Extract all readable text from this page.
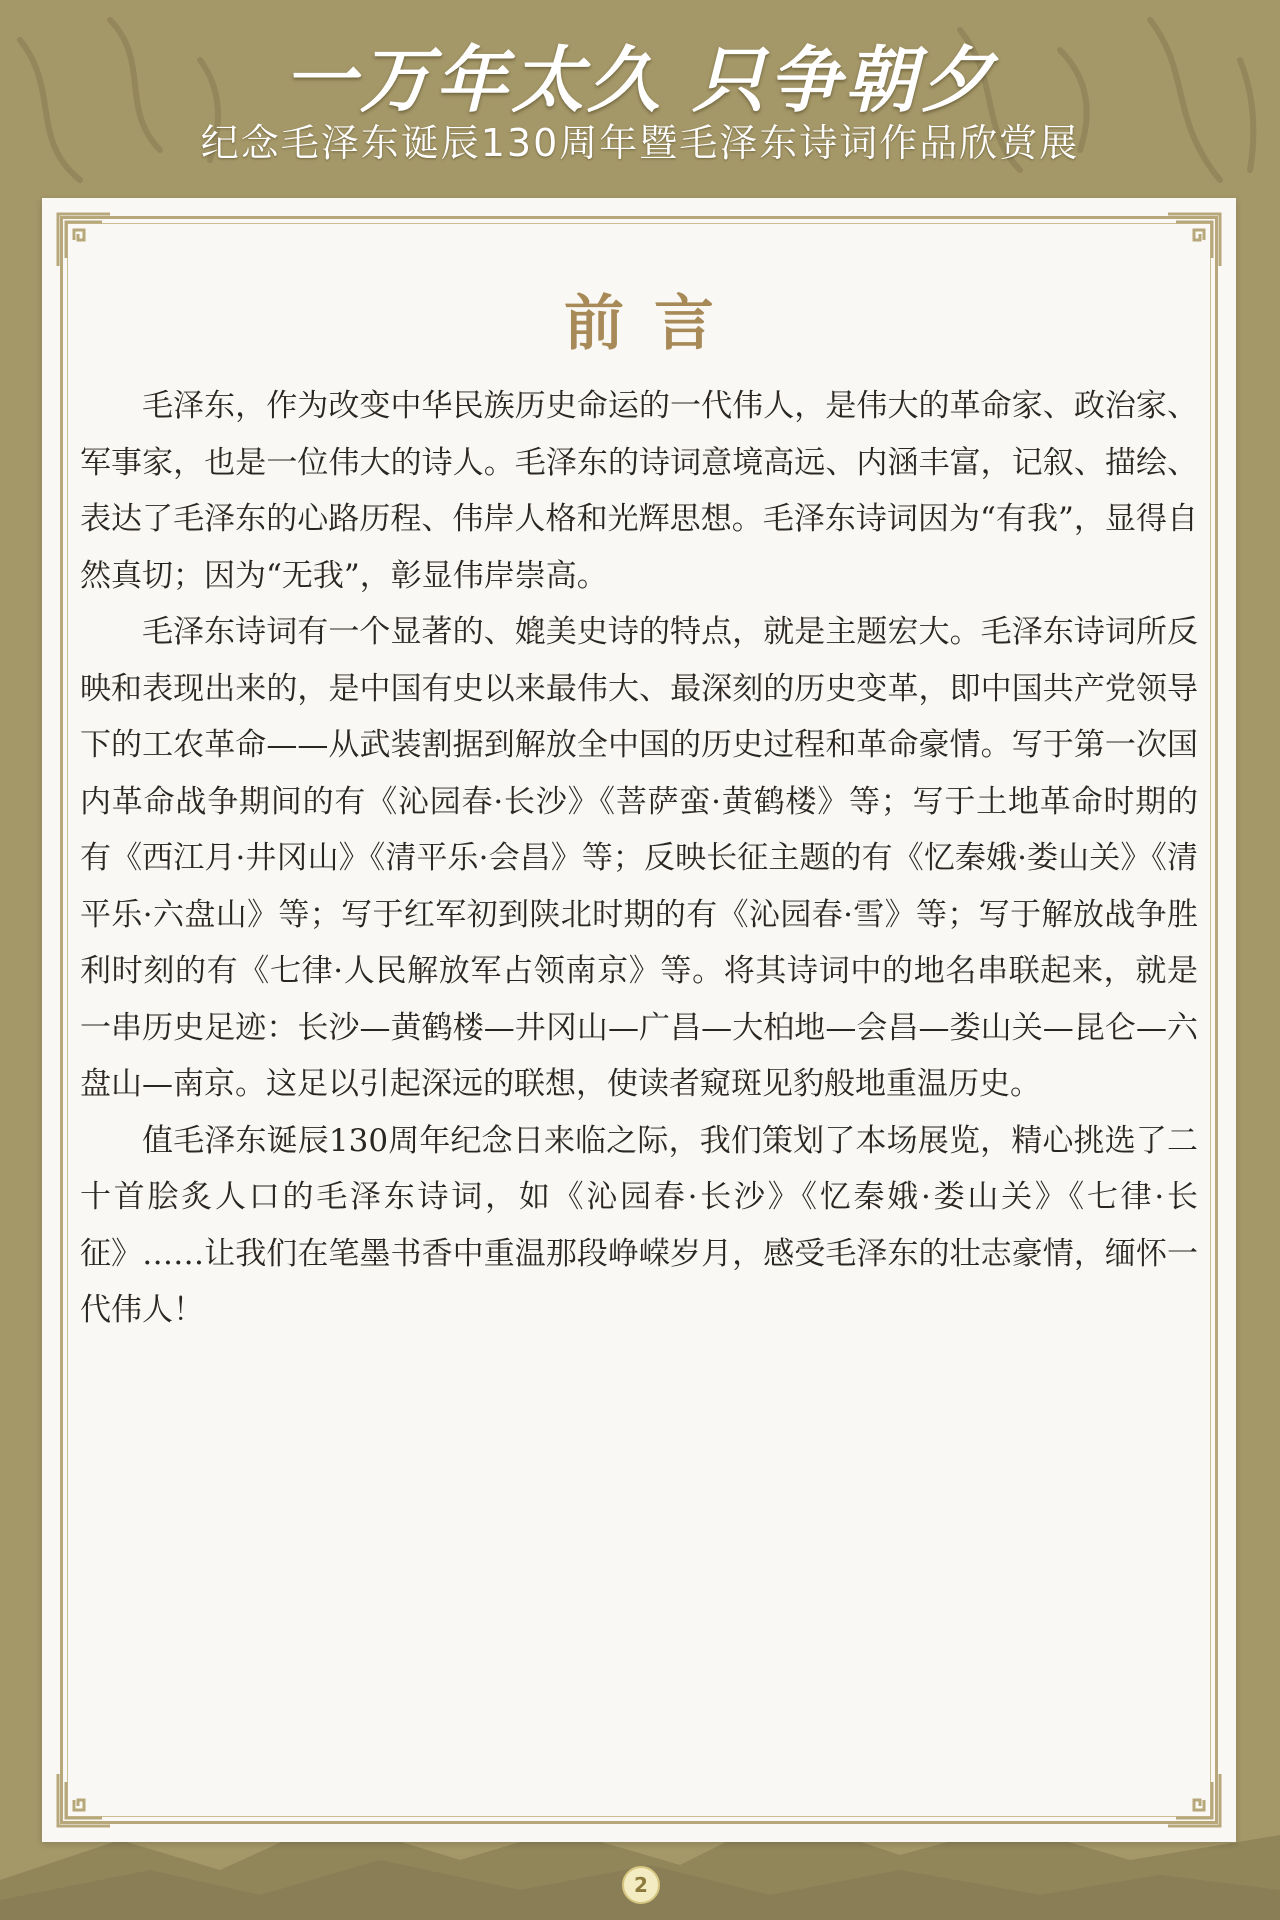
一万年太久 只争朝夕
纪念毛泽东诞辰130周年暨毛泽东诗词作品欣赏展
前言

毛泽东，作为改变中华民族历史命运的一代伟人，是伟大的革命家、政治家、军事家，也是一位伟大的诗人。毛泽东的诗词意境高远、内涵丰富，记叙、描绘、表达了毛泽东的心路历程、伟岸人格和光辉思想。毛泽东诗词因为“有我”，显得自然真切；因为“无我”，彰显伟岸崇高。

毛泽东诗词有一个显著的、媲美史诗的特点，就是主题宏大。毛泽东诗词所反映和表现出来的，是中国有史以来最伟大、最深刻的历史变革，即中国共产党领导下的工农革命——从武装割据到解放全中国的历史过程和革命豪情。写于第一次国内革命战争期间的有《沁园春·长沙》《菩萨蛮·黄鹤楼》等；写于土地革命时期的有《西江月·井冈山》《清平乐·会昌》等；反映长征主题的有《忆秦娥·娄山关》《清平乐·六盘山》等；写于红军初到陕北时期的有《沁园春·雪》等；写于解放战争胜利时刻的有《七律·人民解放军占领南京》等。将其诗词中的地名串联起来，就是一串历史足迹：长沙—黄鹤楼—井冈山—广昌—大柏地—会昌—娄山关—昆仑—六盘山—南京。这足以引起深远的联想，使读者窥斑见豹般地重温历史。

值毛泽东诞辰130周年纪念日来临之际，我们策划了本场展览，精心挑选了二十首脍炙人口的毛泽东诗词，如《沁园春·长沙》《忆秦娥·娄山关》《七律·长征》……让我们在笔墨书香中重温那段峥嵘岁月，感受毛泽东的壮志豪情，缅怀一代伟人！

2
